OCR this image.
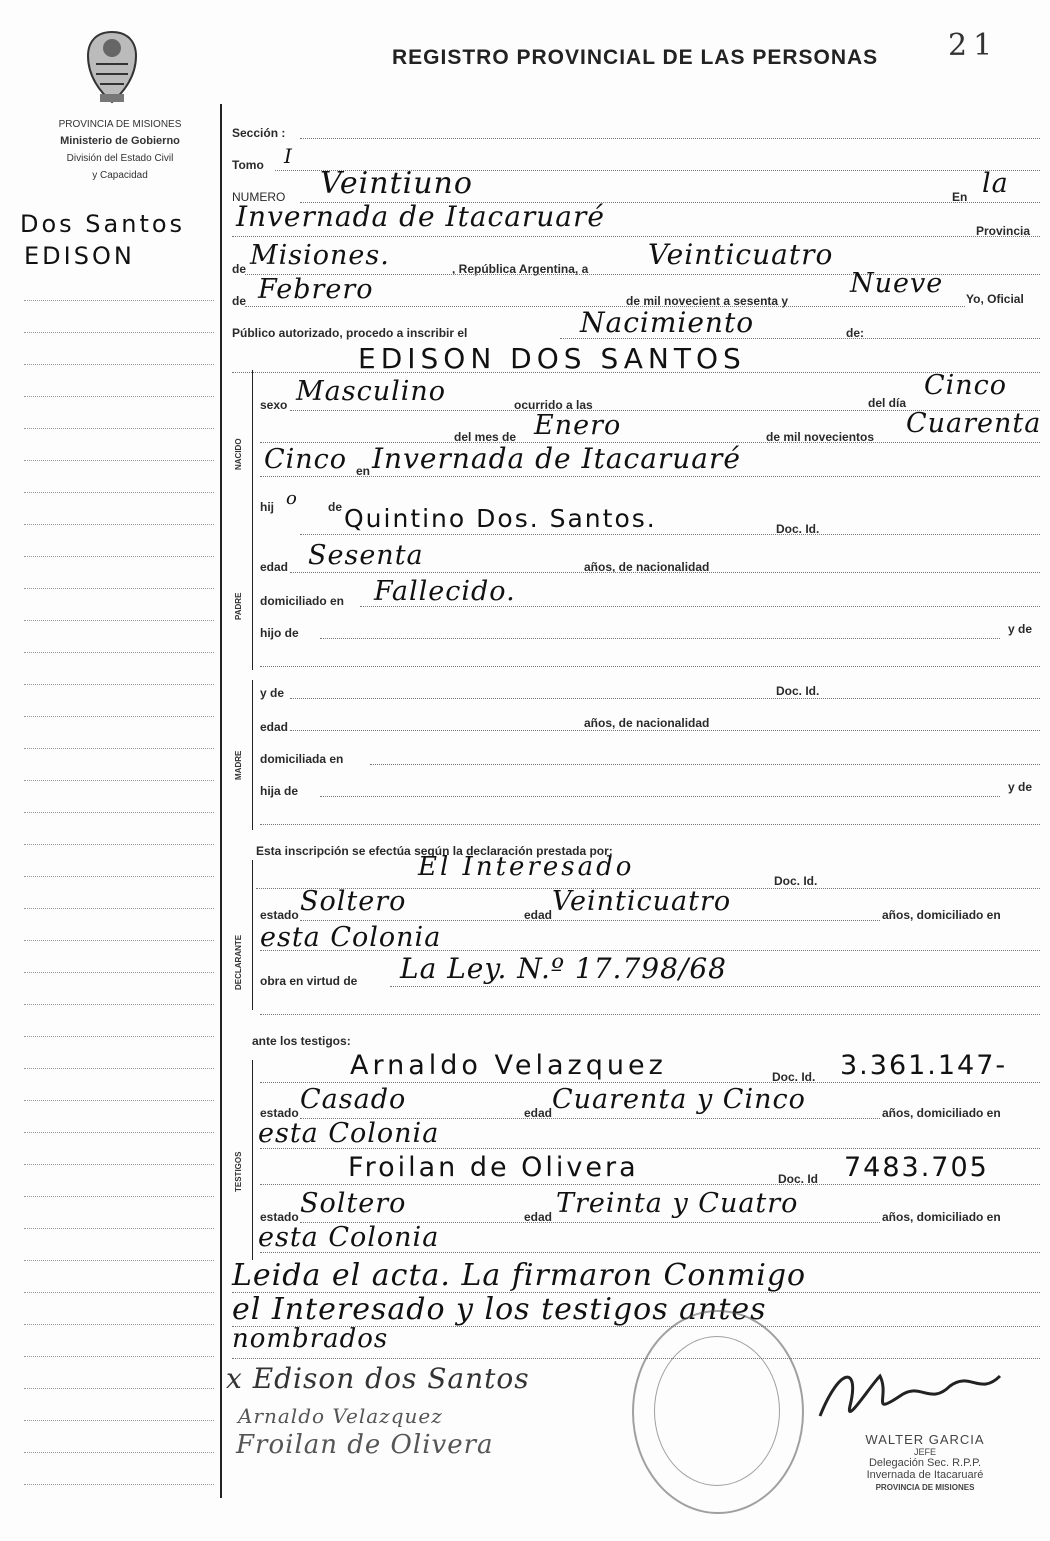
REGISTRO PROVINCIAL DE LAS PERSONAS 21
PROVINCIA DE MISIONES
Ministerio de Gobierno
División del Estado Civil
y Capacidad
Dos Santos
EDISON
Sección :
Tomo I
NUMERO Veintiuno	En la
Invernada de Itacaruaré	Provincia
de Misiones.	, República Argentina, a Veinticuatro
de Febrero	de mil novecient a sesenta y
Nueve Yo, Oficial
Público autorizado, procedo a inscribir el	Nacimiento	de:
EDISON DOS SANTOS
NACIDO
sexo Masculino	ocurrido a las	del día
Cinco
del mes de Enero	de mil novecientos Cuarenta
Cinco en Invernada de Itacaruaré
PADRE
hij o	de Quintino Dos. Santos.	Doc. Id.
edad Sesenta	años, de nacionalidad
domiciliado en Fallecido.
hijo de	y de
MADRE
y de	Doc. Id.
edad	años, de nacionalidad
domiciliada en
hija de	y de
Esta inscripción se efectúa según la declaración prestada por:
El Interesado	Doc. Id.
DECLARANTE
estado Soltero	edad Veinticuatro	años, domiciliado en
esta Colonia
obra en virtud de La Ley. N.º 17.798/68
ante los testigos:
TESTIGOS
Arnaldo Velazquez	Doc. Id. 3.361.147-
estado Casado	edad Cuarenta y Cinco	años, domiciliado en
esta Colonia
Froilan de Olivera	Doc. Id 7483.705
estado Soltero	edad Treinta y Cuatro	años, domiciliado en
esta Colonia
Leida el acta. La firmaron Conmigo
el Interesado y los testigos antes
nombrados
x Edison dos Santos
Arnaldo Velazquez
Froilan de Olivera	WALTER GARCIA
JEFE
Delegación Sec. R.P.P.
Invernada de Itacaruaré
PROVINCIA DE MISIONES
